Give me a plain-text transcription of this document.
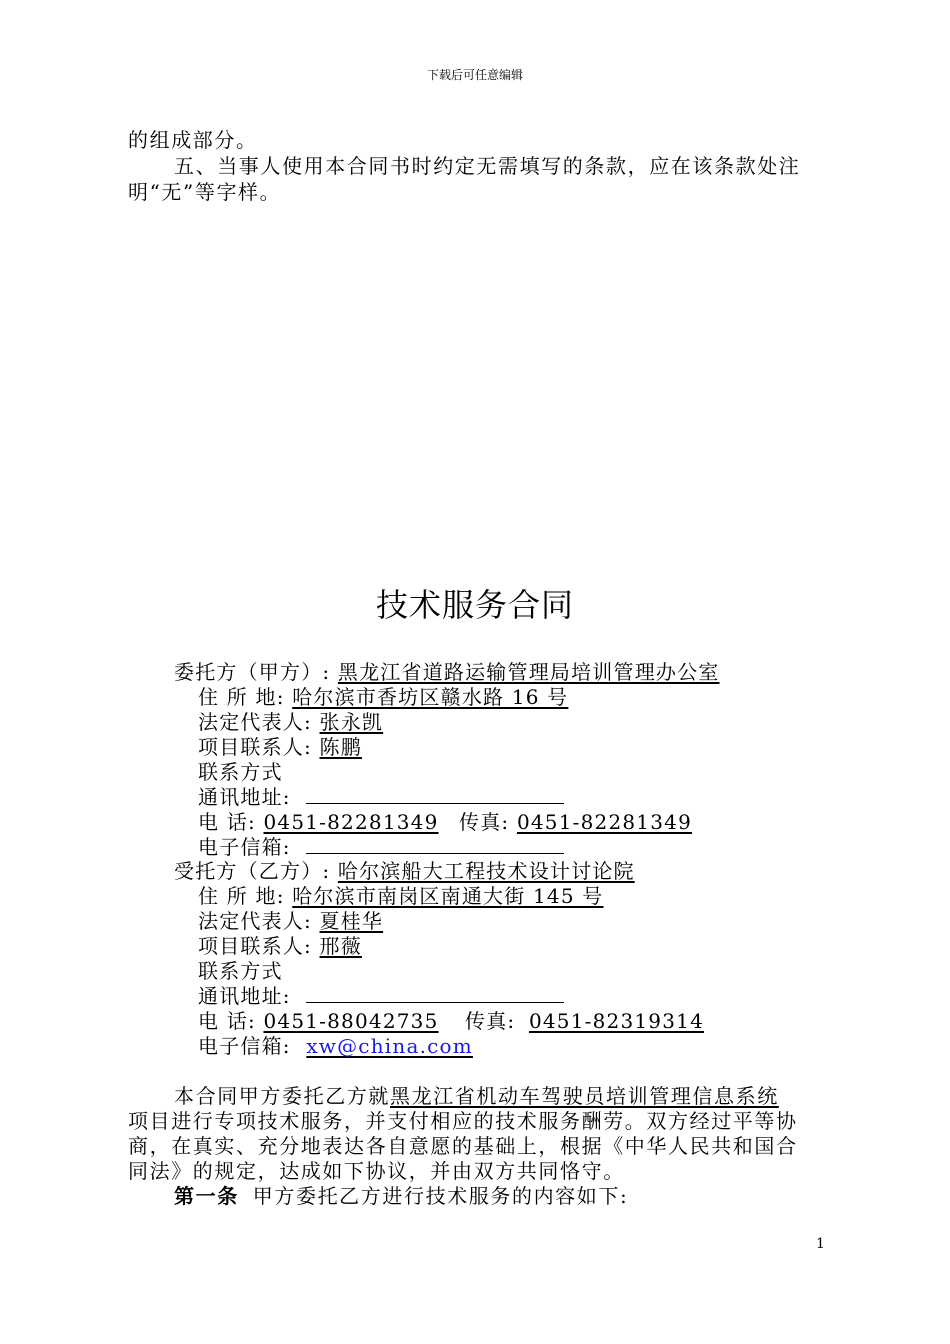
下载后可任意编辑
的组成部分。
五、当事人使用本合同书时约定无需填写的条款，应在该条款处注
明“无”等字样。
技术服务合同
委托方（甲方）: 黑龙江省道路运输管理局培训管理办公室
住 所 地: 哈尔滨市香坊区赣水路 16 号
法定代表人: 张永凯
项目联系人: 陈鹏
联系方式
通讯地址:
电 话: 0451-82281349 传真: 0451-82281349
电子信箱:
受托方（乙方）: 哈尔滨船大工程技术设计讨论院
住 所 地: 哈尔滨市南岗区南通大街 145 号
法定代表人: 夏桂华
项目联系人: 邢薇
联系方式
通讯地址:
电 话: 0451-88042735 传真: 0451-82319314
电子信箱: xw@china.com
本合同甲方委托乙方就黑龙江省机动车驾驶员培训管理信息系统
项目进行专项技术服务，并支付相应的技术服务酬劳。双方经过平等协
商，在真实、充分地表达各自意愿的基础上，根据《中华人民共和国合
同法》的规定，达成如下协议，并由双方共同恪守。
第一条 甲方委托乙方进行技术服务的内容如下:
1
